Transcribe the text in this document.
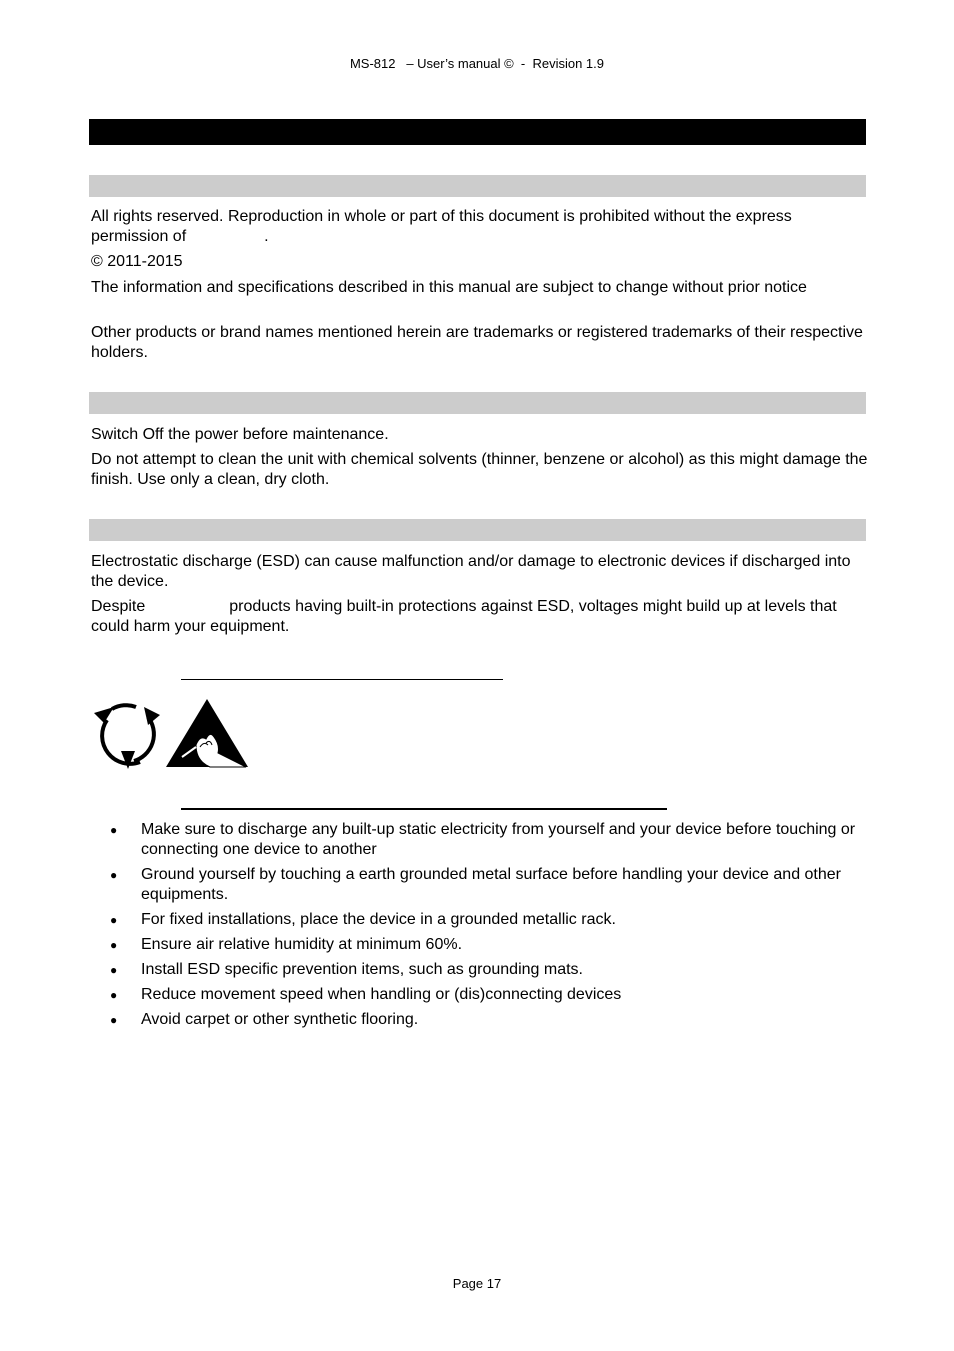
MS-812   – User’s manual ©  -  Revision 1.9

All rights reserved. Reproduction in whole or part of this document is prohibited without the express permission of	.

© 2011-2015

The information and specifications described in this manual are subject to change without prior notice

Other products or brand names mentioned herein are trademarks or registered trademarks of their respective holders.

Switch Off the power before maintenance.

Do not attempt to clean the unit with chemical solvents (thinner, benzene or alcohol) as this might damage the finish. Use only a clean, dry cloth.

Electrostatic discharge (ESD) can cause malfunction and/or damage to electronic devices if discharged into the device.

Despite	products having built-in protections against ESD, voltages might build up at levels that could harm your equipment.

● Make sure to discharge any built-up static electricity from yourself and your device before touching or connecting one device to another
● Ground yourself by touching a earth grounded metal surface before handling your device and other equipments.
● For fixed installations, place the device in a grounded metallic rack.
● Ensure air relative humidity at minimum 60%.
● Install ESD specific prevention items, such as grounding mats.
● Reduce movement speed when handling or (dis)connecting devices
● Avoid carpet or other synthetic flooring.
Page 17
